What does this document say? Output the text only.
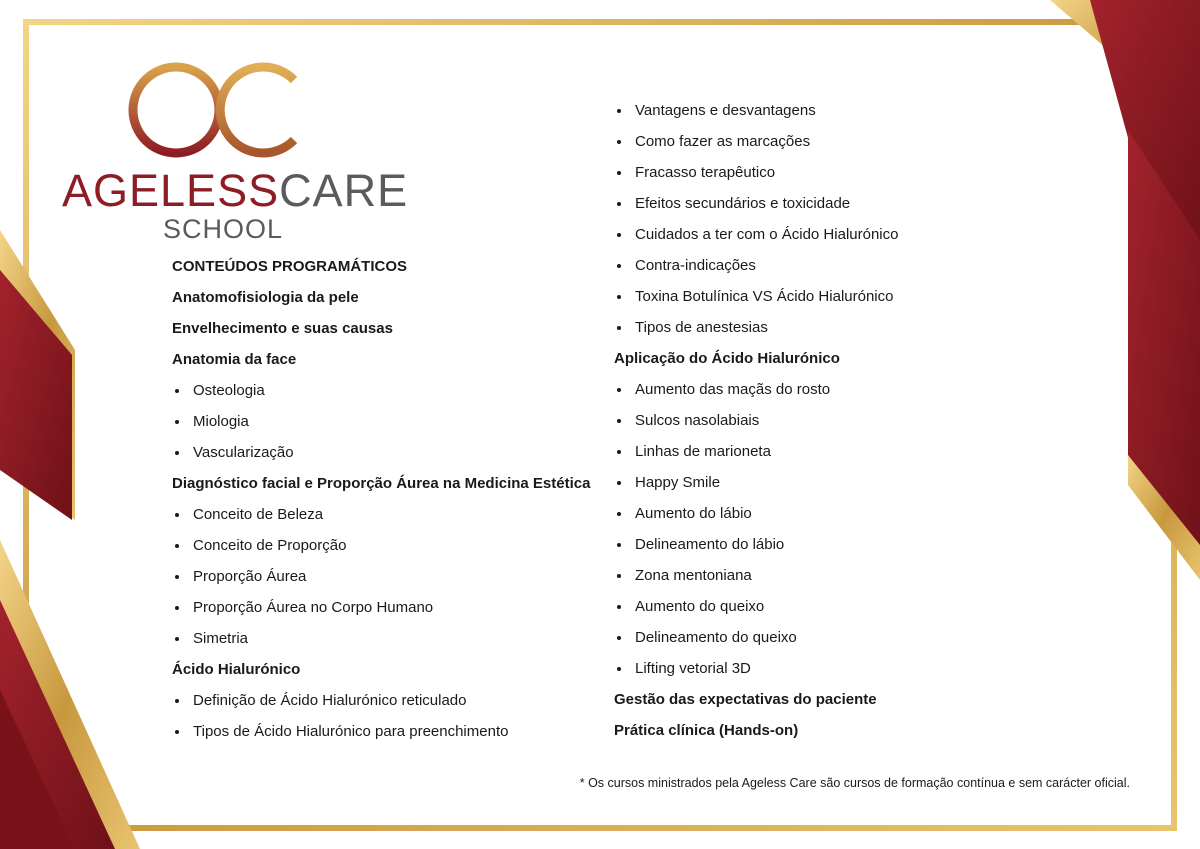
AGELESSCARE
SCHOOL
CONTEÚDOS PROGRAMÁTICOS
Anatomofisiologia da pele
Envelhecimento e suas causas
Anatomia da face
Osteologia
Miologia
Vascularização
Diagnóstico facial e Proporção Áurea na Medicina Estética
Conceito de Beleza
Conceito de Proporção
Proporção Áurea
Proporção Áurea no Corpo Humano
Simetria
Ácido Hialurónico
Definição de Ácido Hialurónico reticulado
Tipos de Ácido Hialurónico para preenchimento
Vantagens e desvantagens
Como fazer as marcações
Fracasso terapêutico
Efeitos secundários e toxicidade
Cuidados a ter com o Ácido Hialurónico
Contra-indicações
Toxina Botulínica VS Ácido Hialurónico
Tipos de anestesias
Aplicação do Ácido Hialurónico
Aumento das maçãs do rosto
Sulcos nasolabiais
Linhas de marioneta
Happy Smile
Aumento do lábio
Delineamento do lábio
Zona mentoniana
Aumento do queixo
Delineamento do queixo
Lifting vetorial 3D
Gestão das expectativas do paciente
Prática clínica (Hands-on)
* Os cursos ministrados pela Ageless Care são cursos de formação contínua e sem carácter oficial.
